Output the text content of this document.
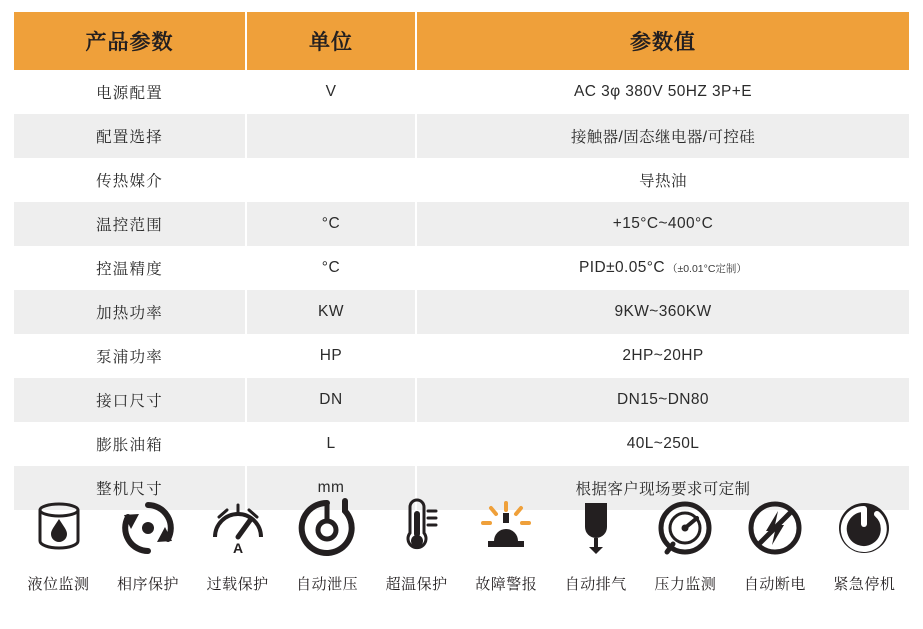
产品参数	单位	参数值
电源配置	V	AC 3φ 380V 50HZ 3P+E
配置选择		接触器/固态继电器/可控硅
传热媒介		导热油
温控范围	°C	+15°C~400°C
控温精度	°C	PID±0.05°C （±0.01°C定制）
加热功率	KW	9KW~360KW
泵浦功率	HP	2HP~20HP
接口尺寸	DN	DN15~DN80
膨胀油箱	L	40L~250L
整机尺寸	mm	根据客户现场要求可定制
液位监测 相序保护
A
过载保护 自动泄压 超温保护 故障警报 自动排气 压力监测 自动断电 紧急停机
